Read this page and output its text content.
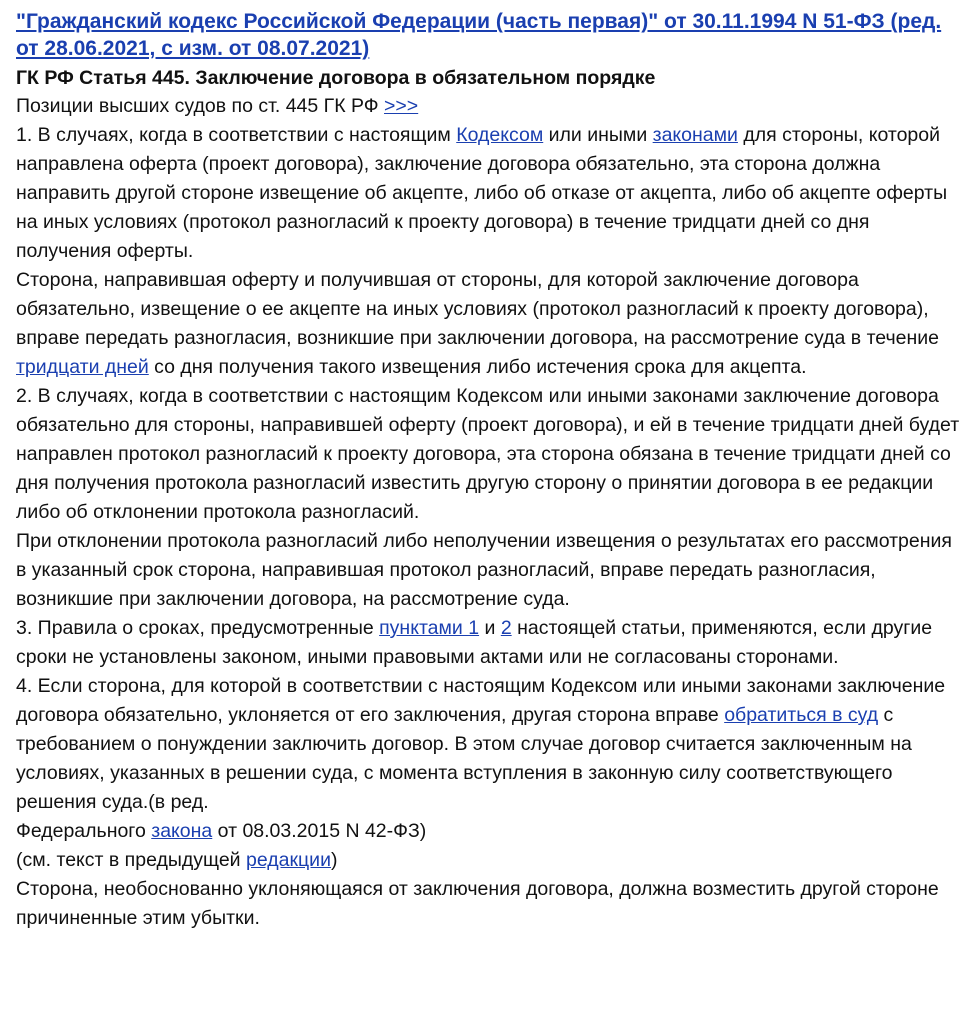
"Гражданский кодекс Российской Федерации (часть первая)" от 30.11.1994 N 51-ФЗ (ред. от 28.06.2021, с изм. от 08.07.2021)
ГК РФ Статья 445. Заключение договора в обязательном порядке

Позиции высших судов по ст. 445 ГК РФ >>>

1. В случаях, когда в соответствии с настоящим Кодексом или иными законами для стороны, которой направлена оферта (проект договора), заключение договора обязательно, эта сторона должна направить другой стороне извещение об акцепте, либо об отказе от акцепта, либо об акцепте оферты на иных условиях (протокол разногласий к проекту договора) в течение тридцати дней со дня получения оферты.

Сторона, направившая оферту и получившая от стороны, для которой заключение договора обязательно, извещение о ее акцепте на иных условиях (протокол разногласий к проекту договора), вправе передать разногласия, возникшие при заключении договора, на рассмотрение суда в течение тридцати дней со дня получения такого извещения либо истечения срока для акцепта.

2. В случаях, когда в соответствии с настоящим Кодексом или иными законами заключение договора обязательно для стороны, направившей оферту (проект договора), и ей в течение тридцати дней будет направлен протокол разногласий к проекту договора, эта сторона обязана в течение тридцати дней со дня получения протокола разногласий известить другую сторону о принятии договора в ее редакции либо об отклонении протокола разногласий.

При отклонении протокола разногласий либо неполучении извещения о результатах его рассмотрения в указанный срок сторона, направившая протокол разногласий, вправе передать разногласия, возникшие при заключении договора, на рассмотрение суда.

3. Правила о сроках, предусмотренные пунктами 1 и 2 настоящей статьи, применяются, если другие сроки не установлены законом, иными правовыми актами или не согласованы сторонами.

4. Если сторона, для которой в соответствии с настоящим Кодексом или иными законами заключение договора обязательно, уклоняется от его заключения, другая сторона вправе обратиться в суд с требованием о понуждении заключить договор. В этом случае договор считается заключенным на условиях, указанных в решении суда, с момента вступления в законную силу соответствующего решения суда.(в ред.

Федерального закона от 08.03.2015 N 42-ФЗ)

(см. текст в предыдущей редакции)

Сторона, необоснованно уклоняющаяся от заключения договора, должна возместить другой стороне причиненные этим убытки.
